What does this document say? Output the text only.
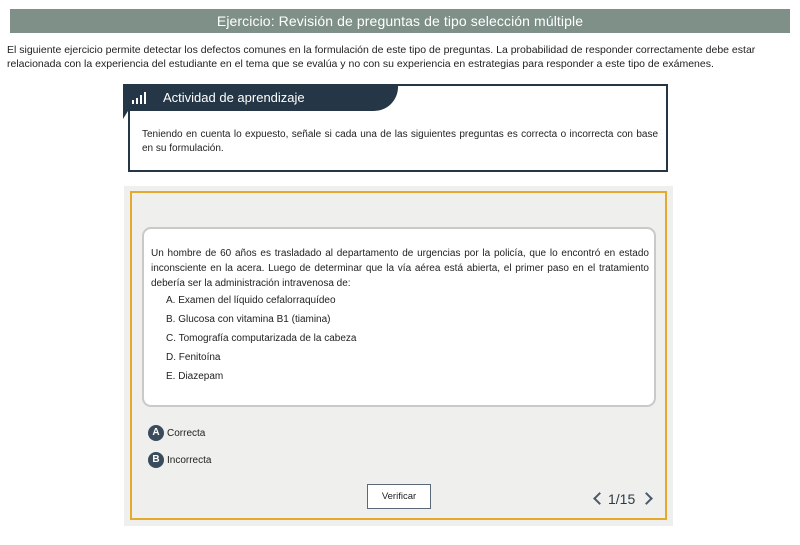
Ejercicio: Revisión de preguntas de tipo selección múltiple

El siguiente ejercicio permite detectar los defectos comunes en la formulación de este tipo de preguntas. La probabilidad de responder correctamente debe estar relacionada con la experiencia del estudiante en el tema que se evalúa y no con su experiencia en estrategias para responder a este tipo de exámenes.

Teniendo en cuenta lo expuesto, señale si cada una de las siguientes preguntas es correcta o incorrecta con base en su formulación.

Actividad de aprendizaje

Un hombre de 60 años es trasladado al departamento de urgencias por la policía, que lo encontró en estado inconsciente en la acera. Luego de determinar que la vía aérea está abierta, el primer paso en el tratamiento debería ser la administración intravenosa de:

A. Examen del líquido cefalorraquídeo
B. Glucosa con vitamina B1 (tiamina)
C. Tomografía computarizada de la cabeza
D. Fenitoína
E. Diazepam
A Correcta
B Incorrecta
Verificar	1/15
